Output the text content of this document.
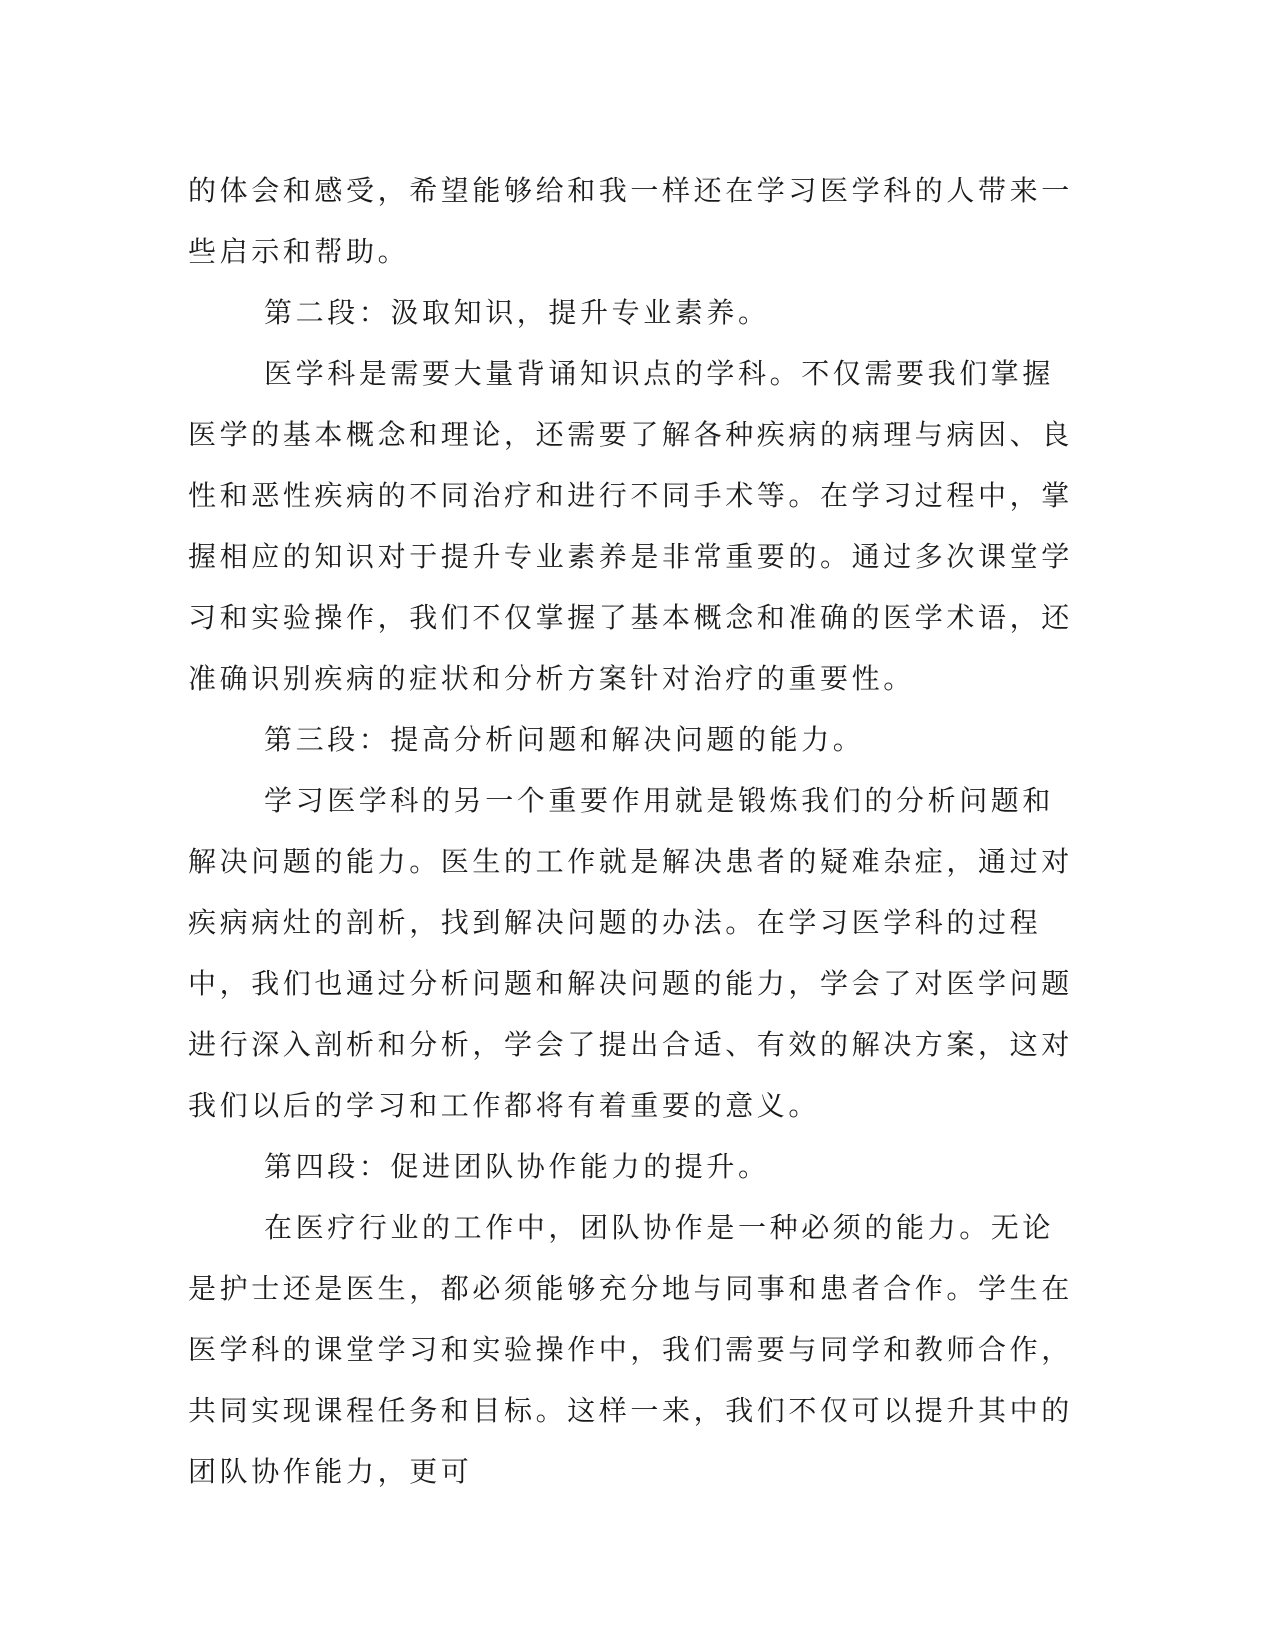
的体会和感受，希望能够给和我一样还在学习医学科的人带来一些启示和帮助。

第二段：汲取知识，提升专业素养。

医学科是需要大量背诵知识点的学科。不仅需要我们掌握医学的基本概念和理论，还需要了解各种疾病的病理与病因、良性和恶性疾病的不同治疗和进行不同手术等。在学习过程中，掌握相应的知识对于提升专业素养是非常重要的。通过多次课堂学习和实验操作，我们不仅掌握了基本概念和准确的医学术语，还准确识别疾病的症状和分析方案针对治疗的重要性。

第三段：提高分析问题和解决问题的能力。

学习医学科的另一个重要作用就是锻炼我们的分析问题和解决问题的能力。医生的工作就是解决患者的疑难杂症，通过对疾病病灶的剖析，找到解决问题的办法。在学习医学科的过程中，我们也通过分析问题和解决问题的能力，学会了对医学问题进行深入剖析和分析，学会了提出合适、有效的解决方案，这对我们以后的学习和工作都将有着重要的意义。

第四段：促进团队协作能力的提升。

在医疗行业的工作中，团队协作是一种必须的能力。无论是护士还是医生，都必须能够充分地与同事和患者合作。学生在医学科的课堂学习和实验操作中，我们需要与同学和教师合作，共同实现课程任务和目标。这样一来，我们不仅可以提升其中的团队协作能力，更可
